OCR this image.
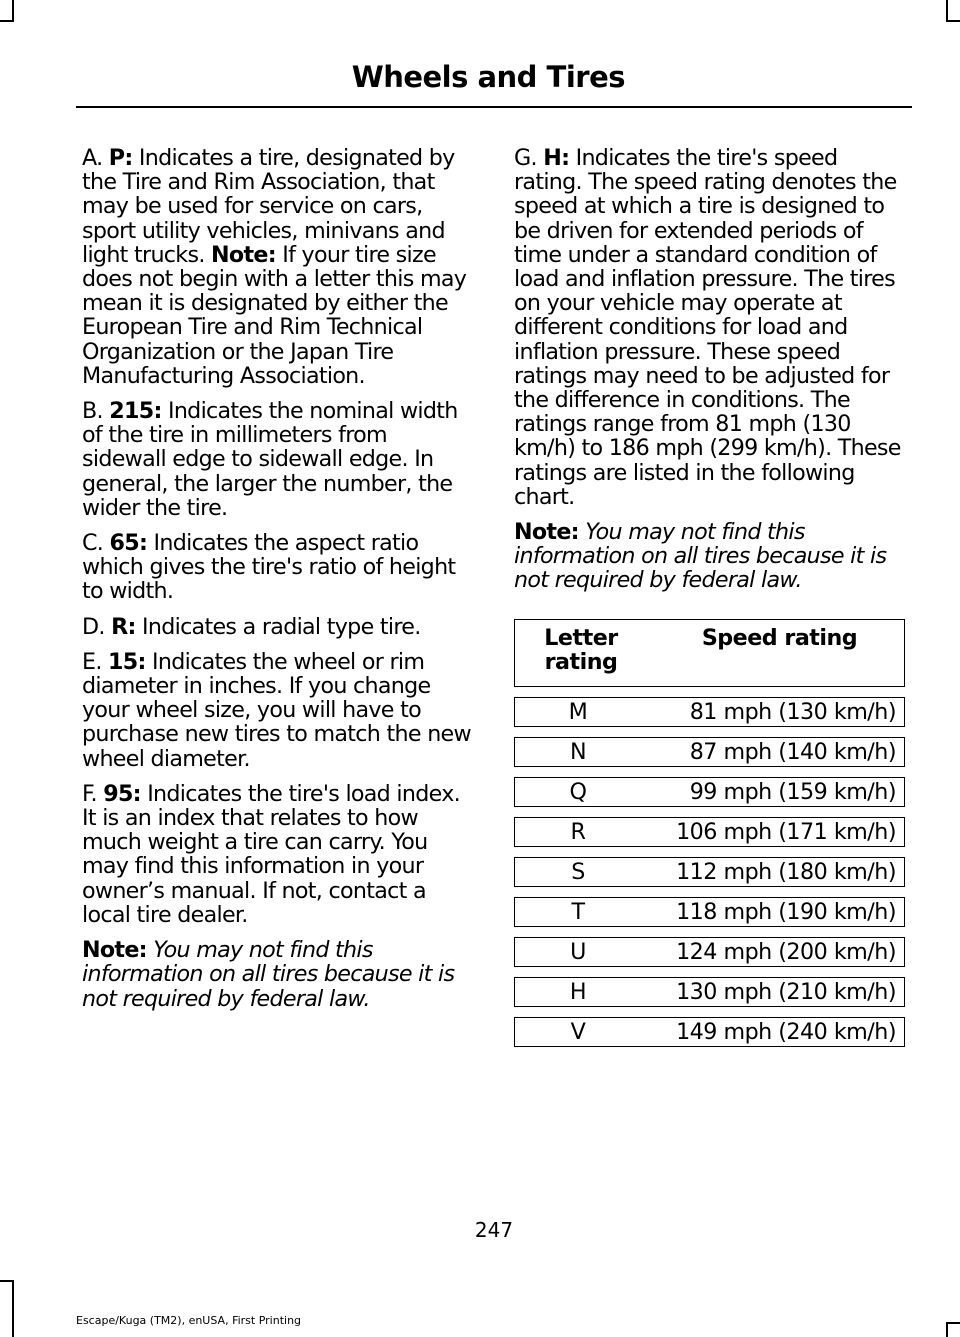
Wheels and Tires

A. P: Indicates a tire, designated by the Tire and Rim Association, that may be used for service on cars, sport utility vehicles, minivans and light trucks. Note: If your tire size does not begin with a letter this may mean it is designated by either the European Tire and Rim Technical Organization or the Japan Tire Manufacturing Association.

B. 215: Indicates the nominal width of the tire in millimeters from sidewall edge to sidewall edge. In general, the larger the number, the wider the tire.

C. 65: Indicates the aspect ratio which gives the tire's ratio of height to width.

D. R: Indicates a radial type tire.

E. 15: Indicates the wheel or rim diameter in inches. If you change your wheel size, you will have to purchase new tires to match the new wheel diameter.

F. 95: Indicates the tire's load index. It is an index that relates to how much weight a tire can carry. You may find this information in your owner’s manual. If not, contact a local tire dealer.

Note: You may not find this information on all tires because it is not required by federal law.

G. H: Indicates the tire's speed rating. The speed rating denotes the speed at which a tire is designed to be driven for extended periods of time under a standard condition of load and inflation pressure. The tires on your vehicle may operate at different conditions for load and inflation pressure. These speed ratings may need to be adjusted for the difference in conditions. The ratings range from 81 mph (130 km/h) to 186 mph (299 km/h). These ratings are listed in the following chart.

Note: You may not find this information on all tires because it is not required by federal law.

Letter rating	Speed rating
M	81 mph (130 km/h)
N	87 mph (140 km/h)
Q	99 mph (159 km/h)
R	106 mph (171 km/h)
S	112 mph (180 km/h)
T	118 mph (190 km/h)
U	124 mph (200 km/h)
H	130 mph (210 km/h)
V	149 mph (240 km/h)
247
Escape/Kuga (TM2), enUSA, First Printing
